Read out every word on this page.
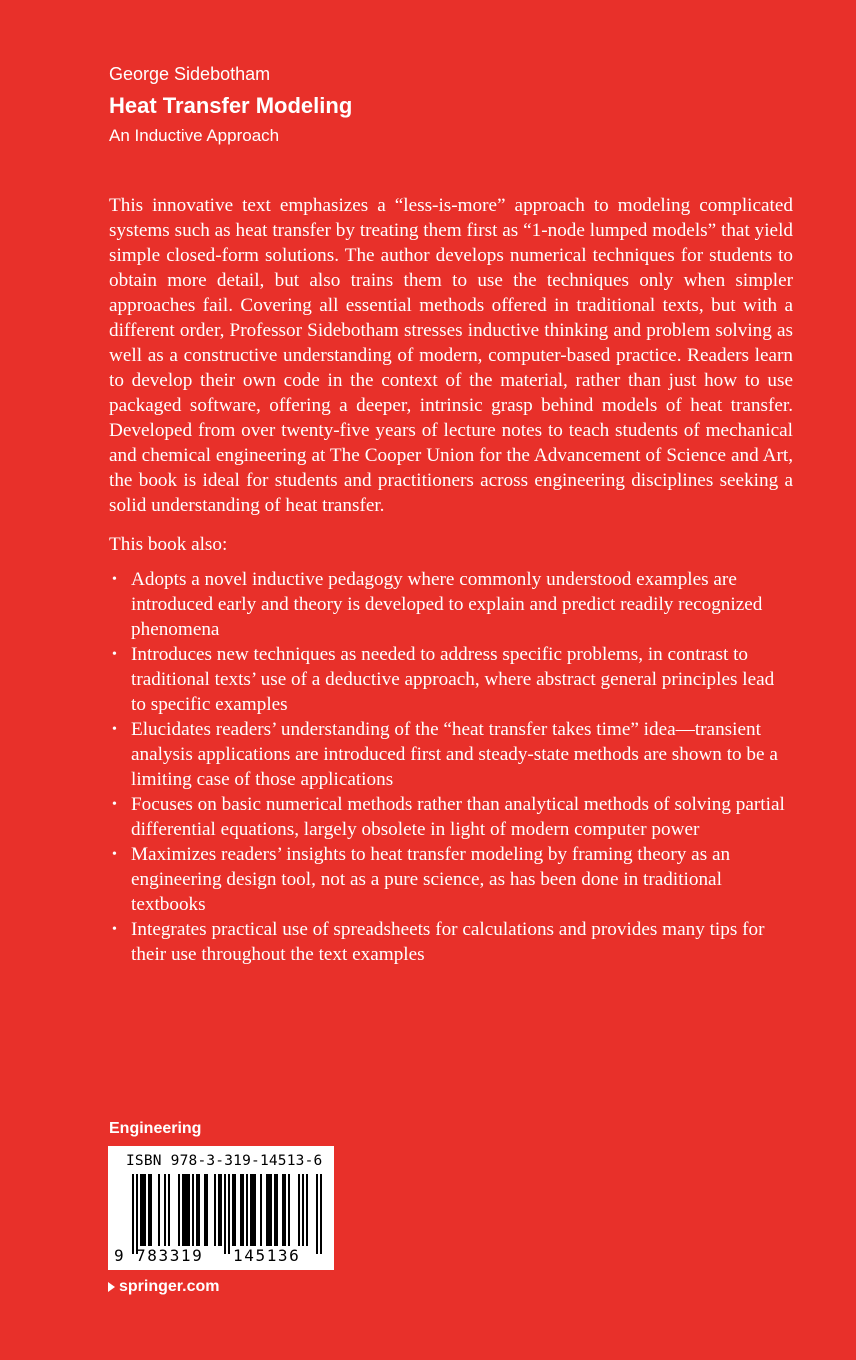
George Sidebotham
Heat Transfer Modeling
An Inductive Approach

This innovative text emphasizes a “less-is-more” approach to modeling complicated systems such as heat transfer by treating them first as “1-node lumped models” that yield simple closed-form solutions. The author develops numerical techniques for students to obtain more detail, but also trains them to use the techniques only when simpler approaches fail. Covering all essential methods offered in traditional texts, but with a different order, Professor Sidebotham stresses inductive thinking and problem solving as well as a constructive understanding of modern, computer-based practice. Readers learn to develop their own code in the context of the material, rather than just how to use packaged software, offering a deeper, intrinsic grasp behind models of heat transfer. Developed from over twenty-five years of lecture notes to teach students of mechanical and chemical engineering at The Cooper Union for the Advancement of Science and Art, the book is ideal for students and practitioners across engineering disciplines seeking a solid understanding of heat transfer.

This book also:

• Adopts a novel inductive pedagogy where commonly understood examples are introduced early and theory is developed to explain and predict readily recognized phenomena
• Introduces new techniques as needed to address specific problems, in contrast to traditional texts’ use of a deductive approach, where abstract general principles lead to specific examples
• Elucidates readers’ understanding of the “heat transfer takes time” idea—transient analysis applications are introduced first and steady-state methods are shown to be a limiting case of those applications
• Focuses on basic numerical methods rather than analytical methods of solving partial differential equations, largely obsolete in light of modern computer power
• Maximizes readers’ insights to heat transfer modeling by framing theory as an engineering design tool, not as a pure science, as has been done in traditional textbooks
• Integrates practical use of spreadsheets for calculations and provides many tips for their use throughout the text examples
Engineering
ISBN 978-3-319-14513-6
9 783319 145136
springer.com
